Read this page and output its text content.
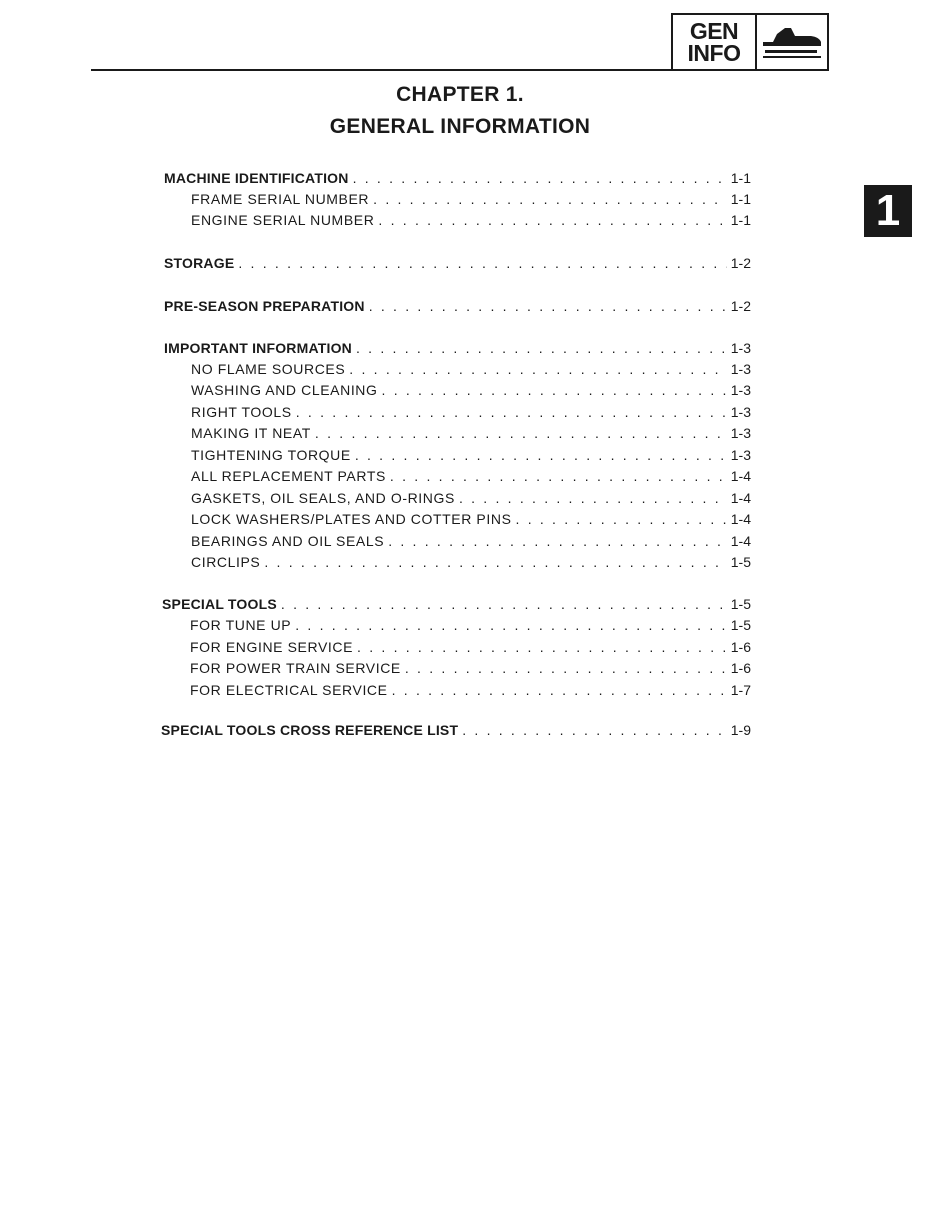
GEN
INFO
1
CHAPTER 1.
GENERAL INFORMATION
MACHINE IDENTIFICATION . . .	1-1
FRAME SERIAL NUMBER . . .	1-1
ENGINE SERIAL NUMBER . . .	1-1
STORAGE . . .	1-2
PRE-SEASON PREPARATION . . .	1-2
IMPORTANT INFORMATION . . .	1-3
NO FLAME SOURCES . . .	1-3
WASHING AND CLEANING . . .	1-3
RIGHT TOOLS . . .	1-3
MAKING IT NEAT . . .	1-3
TIGHTENING TORQUE . . .	1-3
ALL REPLACEMENT PARTS . . .	1-4
GASKETS, OIL SEALS, AND O-RINGS . . .	1-4
LOCK WASHERS/PLATES AND COTTER PINS . . .	1-4
BEARINGS AND OIL SEALS . . .	1-4
CIRCLIPS . . .	1-5
SPECIAL TOOLS . . .	1-5
FOR TUNE UP . . .	1-5
FOR ENGINE SERVICE . . .	1-6
FOR POWER TRAIN SERVICE . . .	1-6
FOR ELECTRICAL SERVICE . . .	1-7
SPECIAL TOOLS CROSS REFERENCE LIST . . .	1-9
